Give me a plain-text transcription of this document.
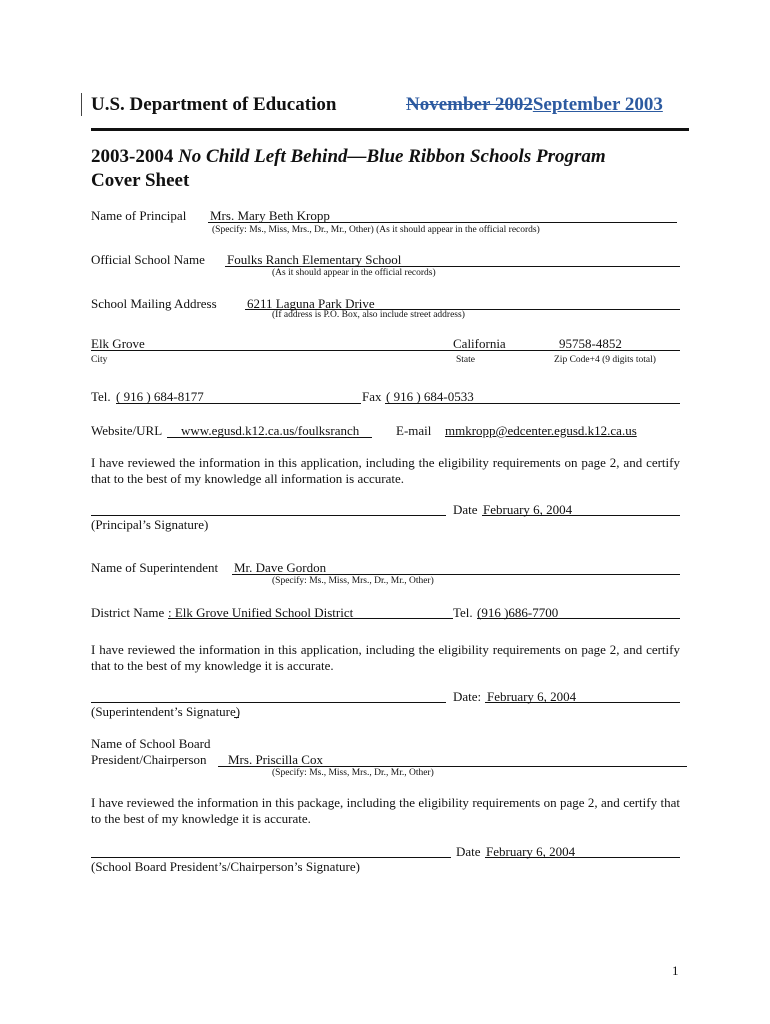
U.S. Department of Education	November 2002September 2003
2003-2004 No Child Left Behind—Blue Ribbon Schools Program
Cover Sheet
Name of Principal Mrs. Mary Beth Kropp
(Specify: Ms., Miss, Mrs., Dr., Mr., Other) (As it should appear in the official records)
Official School Name Foulks Ranch Elementary School
(As it should appear in the official records)
School Mailing Address 6211 Laguna Park Drive
(If address is P.O. Box, also include street address)
Elk Grove	California	95758-4852
City	State	Zip Code+4 (9 digits total)
Tel. ( 916 ) 684-8177	Fax ( 916 ) 684-0533
Website/URL www.egusd.k12.ca.us/foulksranch	E-mail mmkropp@edcenter.egusd.k12.ca.us
I have reviewed the information in this application, including the eligibility requirements on page 2, and certify that to the best of my knowledge all information is accurate.
Date February 6, 2004
(Principal’s Signature)
Name of Superintendent Mr. Dave Gordon
(Specify: Ms., Miss, Mrs., Dr., Mr., Other)
District Name : Elk Grove Unified School District	Tel. (916 )686-7700
I have reviewed the information in this application, including the eligibility requirements on page 2, and certify that to the best of my knowledge it is accurate.
Date: February 6, 2004
(Superintendent’s Signature)
Name of School Board
President/Chairperson Mrs. Priscilla Cox
(Specify: Ms., Miss, Mrs., Dr., Mr., Other)
I have reviewed the information in this package, including the eligibility requirements on page 2, and certify that to the best of my knowledge it is accurate.
Date February 6, 2004
(School Board President’s/Chairperson’s Signature)
1
